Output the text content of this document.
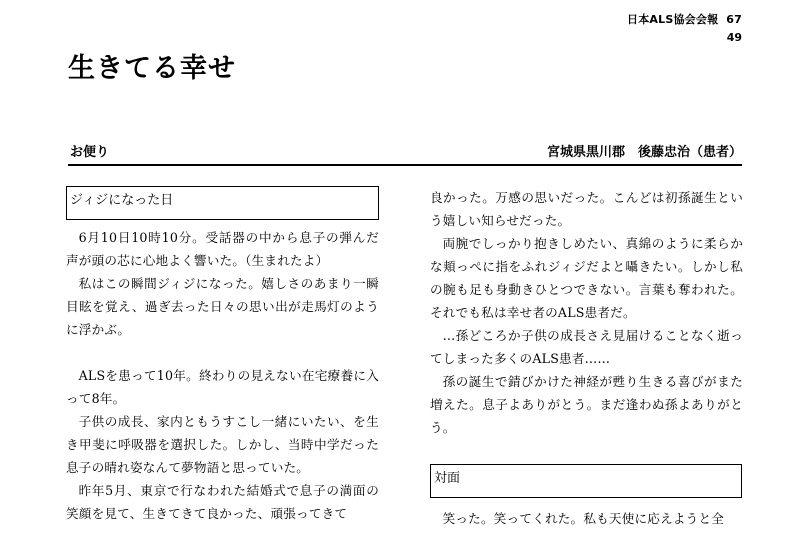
日本ALS協会会報 67
49
生きてる幸せ
お便り	宮城県黒川郡　後藤忠治（患者）
ジィジになった日

6月10日10時10分。受話器の中から息子の弾んだ声が頭の芯に心地よく響いた。（生まれたよ）

私はこの瞬間ジィジになった。嬉しさのあまり一瞬目眩を覚え、過ぎ去った日々の思い出が走馬灯のように浮かぶ。

ALSを患って10年。終わりの見えない在宅療養に入って8年。

子供の成長、家内ともうすこし一緒にいたい、を生き甲斐に呼吸器を選択した。しかし、当時中学だった息子の晴れ姿なんて夢物語と思っていた。

昨年5月、東京で行なわれた結婚式で息子の満面の笑顔を見て、生きてきて良かった、頑張ってきて

良かった。万感の思いだった。こんどは初孫誕生という嬉しい知らせだった。

両腕でしっかり抱きしめたい、真綿のように柔らかな頬っぺに指をふれジィジだよと囁きたい。しかし私の腕も足も身動きひとつできない。言葉も奪われた。それでも私は幸せ者のALS患者だ。

…孫どころか子供の成長さえ見届けることなく逝ってしまった多くのALS患者……

孫の誕生で錆びかけた神経が甦り生きる喜びがまた増えた。息子よありがとう。まだ逢わぬ孫よありがとう。

対面

笑った。笑ってくれた。私も天使に応えようと全
